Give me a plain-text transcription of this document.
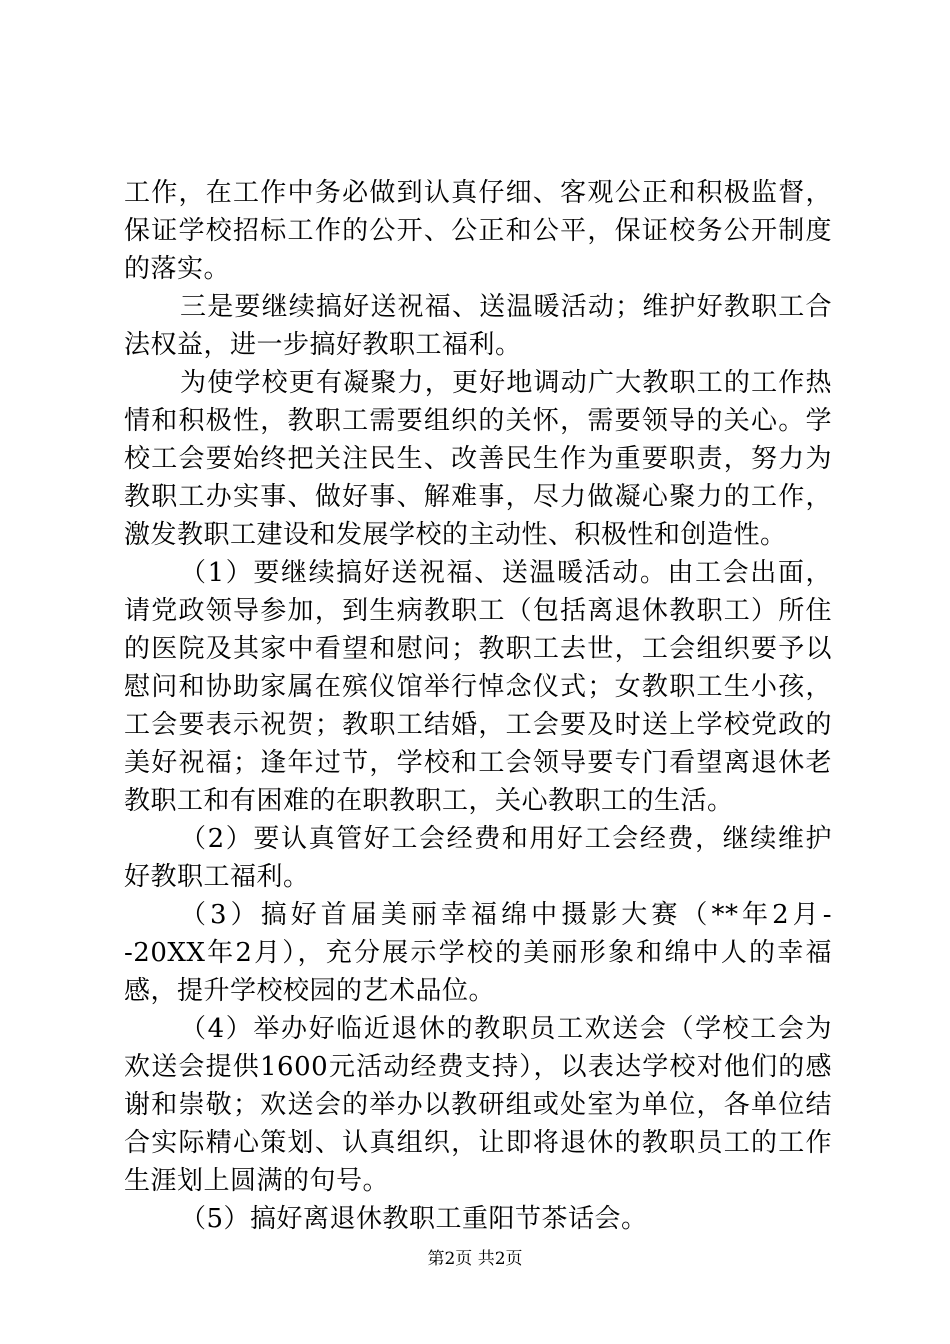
工作，在工作中务必做到认真仔细、客观公正和积极监督，保证学校招标工作的公开、公正和公平，保证校务公开制度的落实。

三是要继续搞好送祝福、送温暖活动；维护好教职工合法权益，进一步搞好教职工福利。

为使学校更有凝聚力，更好地调动广大教职工的工作热情和积极性，教职工需要组织的关怀，需要领导的关心。学校工会要始终把关注民生、改善民生作为重要职责，努力为教职工办实事、做好事、解难事，尽力做凝心聚力的工作，激发教职工建设和发展学校的主动性、积极性和创造性。

（1）要继续搞好送祝福、送温暖活动。由工会出面，请党政领导参加，到生病教职工（包括离退休教职工）所住的医院及其家中看望和慰问；教职工去世，工会组织要予以慰问和协助家属在殡仪馆举行悼念仪式；女教职工生小孩，工会要表示祝贺；教职工结婚，工会要及时送上学校党政的美好祝福；逢年过节，学校和工会领导要专门看望离退休老教职工和有困难的在职教职工，关心教职工的生活。

（2）要认真管好工会经费和用好工会经费，继续维护好教职工福利。

（3）搞好首届美丽幸福绵中摄影大赛（**年2月--20XX年2月），充分展示学校的美丽形象和绵中人的幸福感，提升学校校园的艺术品位。

（4）举办好临近退休的教职员工欢送会（学校工会为欢送会提供1600元活动经费支持），以表达学校对他们的感谢和崇敬；欢送会的举办以教研组或处室为单位，各单位结合实际精心策划、认真组织，让即将退休的教职员工的工作生涯划上圆满的句号。

（5）搞好离退休教职工重阳节茶话会。

第2页 共2页
